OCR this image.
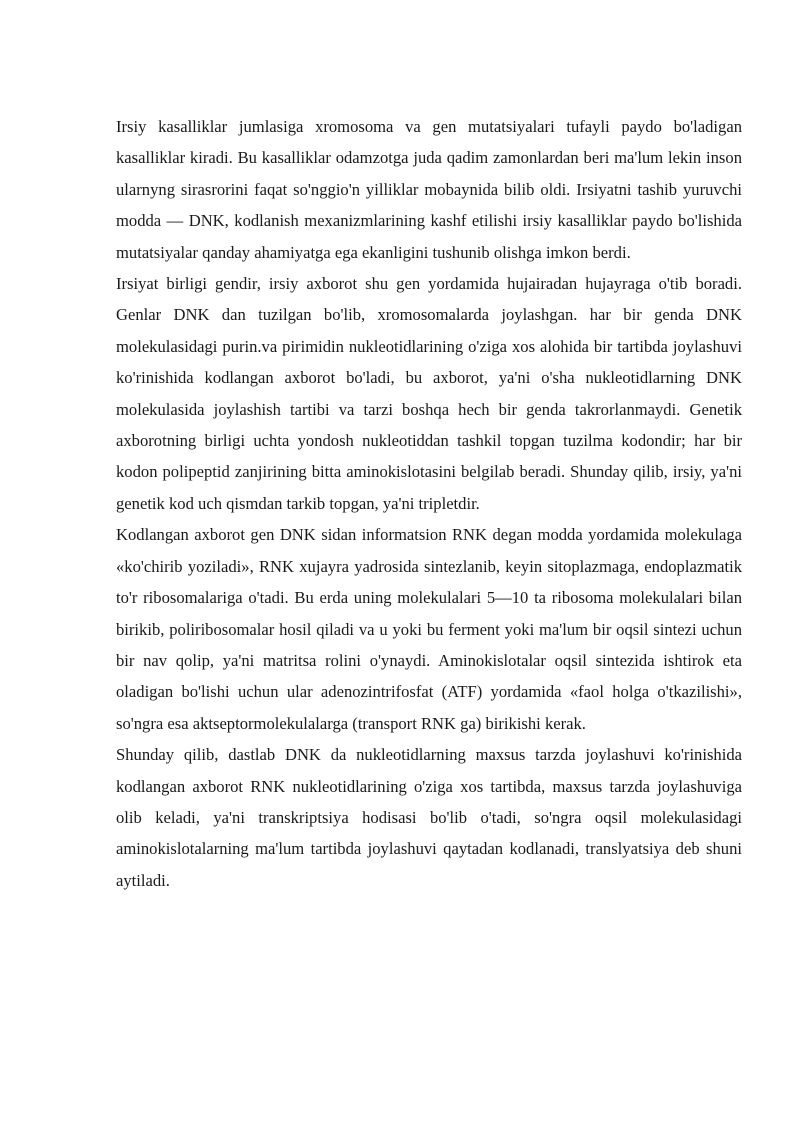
Irsiy kasalliklar jumlasiga xromosoma va gen mutatsiyalari tufayli paydo bo'ladigan kasalliklar kiradi. Bu kasalliklar odamzotga juda qadim zamonlardan beri ma'lum lekin inson ularnyng sirasrorini faqat so'nggio'n yilliklar mobaynida bilib oldi. Irsiyatni tashib yuruvchi modda — DNK, kodlanish mexanizmlarining kashf etilishi irsiy kasalliklar paydo bo'lishida mutatsiyalar qanday ahamiyatga ega ekanligini tushunib olishga imkon berdi.

Irsiyat birligi gendir, irsiy axborot shu gen yordamida hujairadan hujayraga o'tib boradi. Genlar DNK dan tuzilgan bo'lib, xromosomalarda joylashgan. har bir genda DNK molekulasidagi purin.va pirimidin nukleotidlarining o'ziga xos alohida bir tartibda joylashuvi ko'rinishida kodlangan axborot bo'ladi, bu axborot, ya'ni o'sha nukleotidlarning DNK molekulasida joylashish tartibi va tarzi boshqa hech bir genda takrorlanmaydi. Genetik axborotning birligi uchta yondosh nukleotiddan tashkil topgan tuzilma kodondir; har bir kodon polipeptid zanjirining bitta aminokislotasini belgilab beradi. Shunday qilib, irsiy, ya'ni genetik kod uch qismdan tarkib topgan, ya'ni tripletdir.

Kodlangan axborot gen DNK sidan informatsion RNK degan modda yordamida molekulaga «ko'chirib yoziladi», RNK xujayra yadrosida sintezlanib, keyin sitoplazmaga, endoplazmatik to'r ribosomalariga o'tadi. Bu erda uning molekulalari 5—10 ta ribosoma molekulalari bilan birikib, poliribosomalar hosil qiladi va u yoki bu ferment yoki ma'lum bir oqsil sintezi uchun bir nav qolip, ya'ni matritsa rolini o'ynaydi. Aminokislotalar oqsil sintezida ishtirok eta oladigan bo'lishi uchun ular adenozintrifosfat (ATF) yordamida «faol holga o'tkazilishi», so'ngra esa aktseptormolekulalarga (transport RNK ga) birikishi kerak.

Shunday qilib, dastlab DNK da nukleotidlarning maxsus tarzda joylashuvi ko'rinishida kodlangan axborot RNK nukleotidlarining o'ziga xos tartibda, maxsus tarzda joylashuviga olib keladi, ya'ni transkriptsiya hodisasi bo'lib o'tadi, so'ngra oqsil molekulasidagi aminokislotalarning ma'lum tartibda joylashuvi qaytadan kodlanadi, translyatsiya deb shuni aytiladi.
